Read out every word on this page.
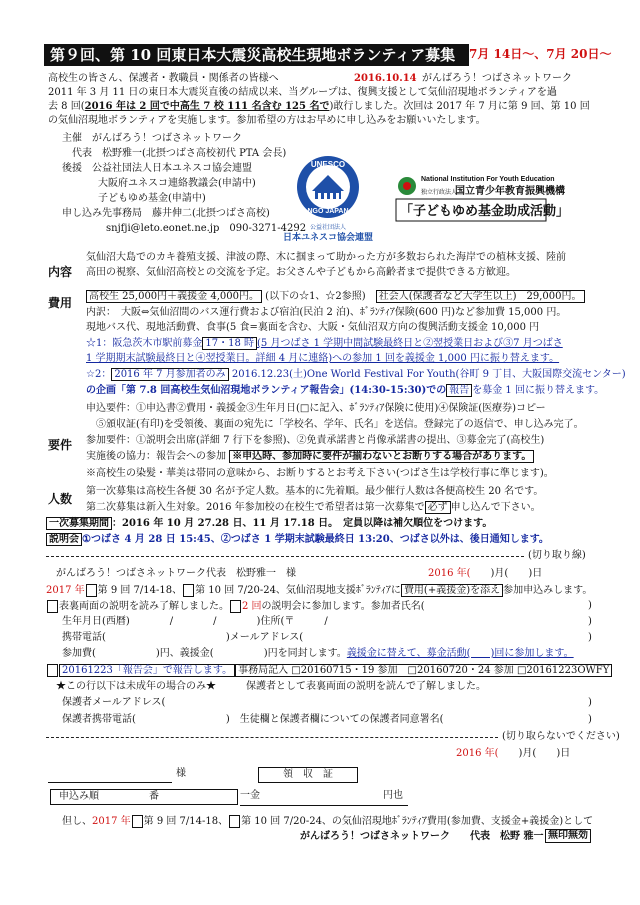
第９回、第 10 回東日本大震災高校生現地ボランティア募集	7月 14日〜、7月 20日〜
高校生の皆さん、保護者・教職員・関係者の皆様へ	2016.10.14 がんばろう！つばさネットワーク
2011 年 3 月 11 日の東日本大震災直後の結成以来、当グループは、復興支援として気仙沼現地ボランティアを過
去 8 回(2016 年は 2 回で中高生 7 校 111 名含む 125 名で)敢行しました。次回は 2017 年 7 月に第 9 回、第 10 回
の気仙沼現地ボランティアを実施します。参加希望の方はお早めに申し込みをお願いいたします。
主催　がんばろう！つばさネットワーク
代表　松野雅一(北摂つばさ高校初代 PTA 会長)
後援　公益社団法人日本ユネスコ協会連盟
大阪府ユネスコ連絡教議会(申請中)
子どもゆめ基金(申請中)
申し込み先事務局　藤井伸二(北摂つばさ高校)
snjfji@leto.eonet.ne.jp　090-3271-4292
UNESCO
NGO JAPAN
公益社団法人
日本ユネスコ協会連盟
National Institution For Youth Education
独立行政法人
国立青少年教育振興機構
「子どもゆめ基金助成活動」
内容
気仙沼大島でのカキ養殖支援、津波の際、木に掴まって助かった方が多数おられた海岸での植林支援、陸前
高田の視察、気仙沼高校との交流を予定。お父さんや子どもから高齢者まで提供できる方歓迎。
費用	高校生 25,000円＋義援金 4,000円。 (以下の☆1、☆2参照)　 社会人(保護者など大学生以上)　29,000円。
内訳：　大阪⇔気仙沼間のバス運行費および宿泊(民泊 2 泊)、ﾎﾞﾗﾝﾃｨｱ保険(600 円)など参加費 15,000 円。
現地バス代、現地活動費、食事(5 食=裏面を含む、大阪・気仙沼双方向の復興活動支援金 10,000 円
☆1：阪急茨木市駅前募金 17・18 時 (5 月つばさ 1 学期中間試験最終日と②翌授業日および③7 月つばさ
1 学期期末試験最終日と④翌授業日。詳細 4 月に連絡)への参加 1 回を義援金 1,000 円に振り替えます。
☆2： 2016 年 7 月参加者のみ 2016.12.23(土)One World Festival For Youth(谷町 9 丁目、大阪国際交流センター)
の企画「第 7.8 回高校生気仙沼現地ボランティア報告会」(14:30-15:30)での 報告 を募金 1 回に振り替えます。
要件
申込要件：①申込書②費用・義援金③生年月日(□に記入、ﾎﾞﾗﾝﾃｨｱ保険に使用)④保険証(医療券)コピー
⑤頒収証(有印)を受領後、裏面の宛先に「学校名、学年、氏名」を送信。登録完了の返信で、申し込み完了。
参加要件：①説明会出席(詳細 7 行下を参照)、②免責承諾書と肖像承諾書の提出、③募金完了(高校生)
実施後の協力：報告会への参加 ※申込時、参加時に要件が揃わないとお断りする場合があります。
※高校生の染髪・華美は帯同の意味から、お断りするとお考え下さい(つばさ生は学校行事に準じます)。
人数
第一次募集は高校生各便 30 名が予定人数。基本的に先着順。最少催行人数は各便高校生 20 名です。
第二次募集は新入生対象。2016 年参加校の在校生で希望者は第一次募集で 必ず 申し込んで下さい。
一次募集期間 ：2016 年 10 月 27.28 日、11 月 17.18 日。　定員以降は補欠順位をつけます。
説明会 ①つばさ 4 月 28 日 15:45、②つばさ 1 学期末試験最終日 13:20、つばさ以外は、後日通知します。
(切り取り線)
がんばろう！つばさネットワーク代表　松野雅一　様	2016 年(　　 )月(　　 )日
2017 年 第 9 回 7/14-18、 第 10 回 7/20-24、気仙沼現地支援ﾎﾞﾗﾝﾃｨｱに 費用(+義援金)を添え 参加申込みします。
表裏両面の説明を読み了解しました。 2 回の説明会に参加します。参加者氏名(	)
生年月日(西暦)　　　　/　　　　/　　　　)住所(〒　　　/	)
携帯電話(　　　　　　　　　　　　)メールアドレス(	)
参加費(　　　　　　)円、義援金(　　　　　)円を同封します。義援金に替えて、募金活動(　　)回に参加します。
20161223「報告会」で報告します。 事務局記入 □20160715・19 参加　□20160720・24 参加 □20161223OWFY
★この行以下は未成年の場合のみ★　　　保護者として表裏両面の説明を読んで了解しました。
保護者メールアドレス(	)
保護者携帯電話(　　　　　　　　　)　生徒欄と保護者欄についての保護者同意署名(	)
(切り取らないでください)
2016 年(　　 )月(　　 )日
様	領　収　証
申込み順　　　　　番	一金	円也
但し、2017 年 第 9 回 7/14-18、 第 10 回 7/20-24、の気仙沼現地ﾎﾞﾗﾝﾃｨｱ費用(参加費、支援金+義援金)として
がんばろう！つばさネットワーク　　代表　松野 雅一 無印無効
